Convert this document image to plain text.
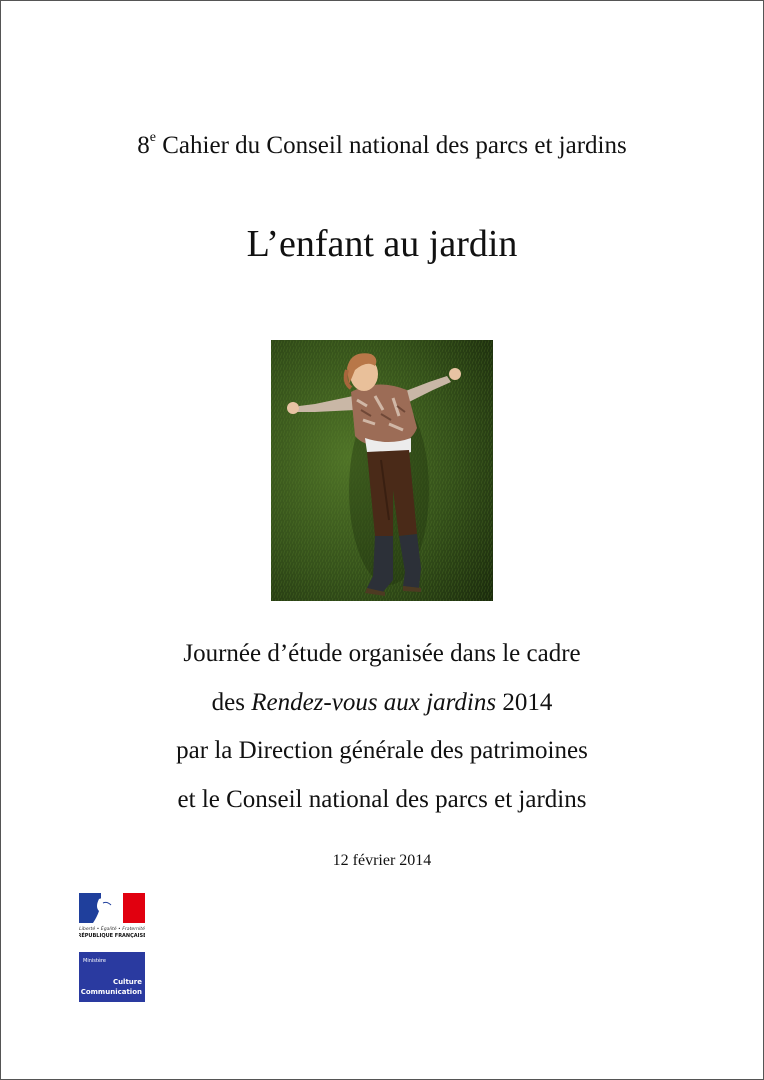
8e Cahier du Conseil national des parcs et jardins
L’enfant au jardin
Journée d’étude organisée dans le cadre
des Rendez-vous aux jardins 2014
par la Direction générale des patrimoines
et le Conseil national des parcs et jardins
12 février 2014
Liberté • Égalité • Fraternité
RÉPUBLIQUE FRANÇAISE
Ministère
Culture
Communication
